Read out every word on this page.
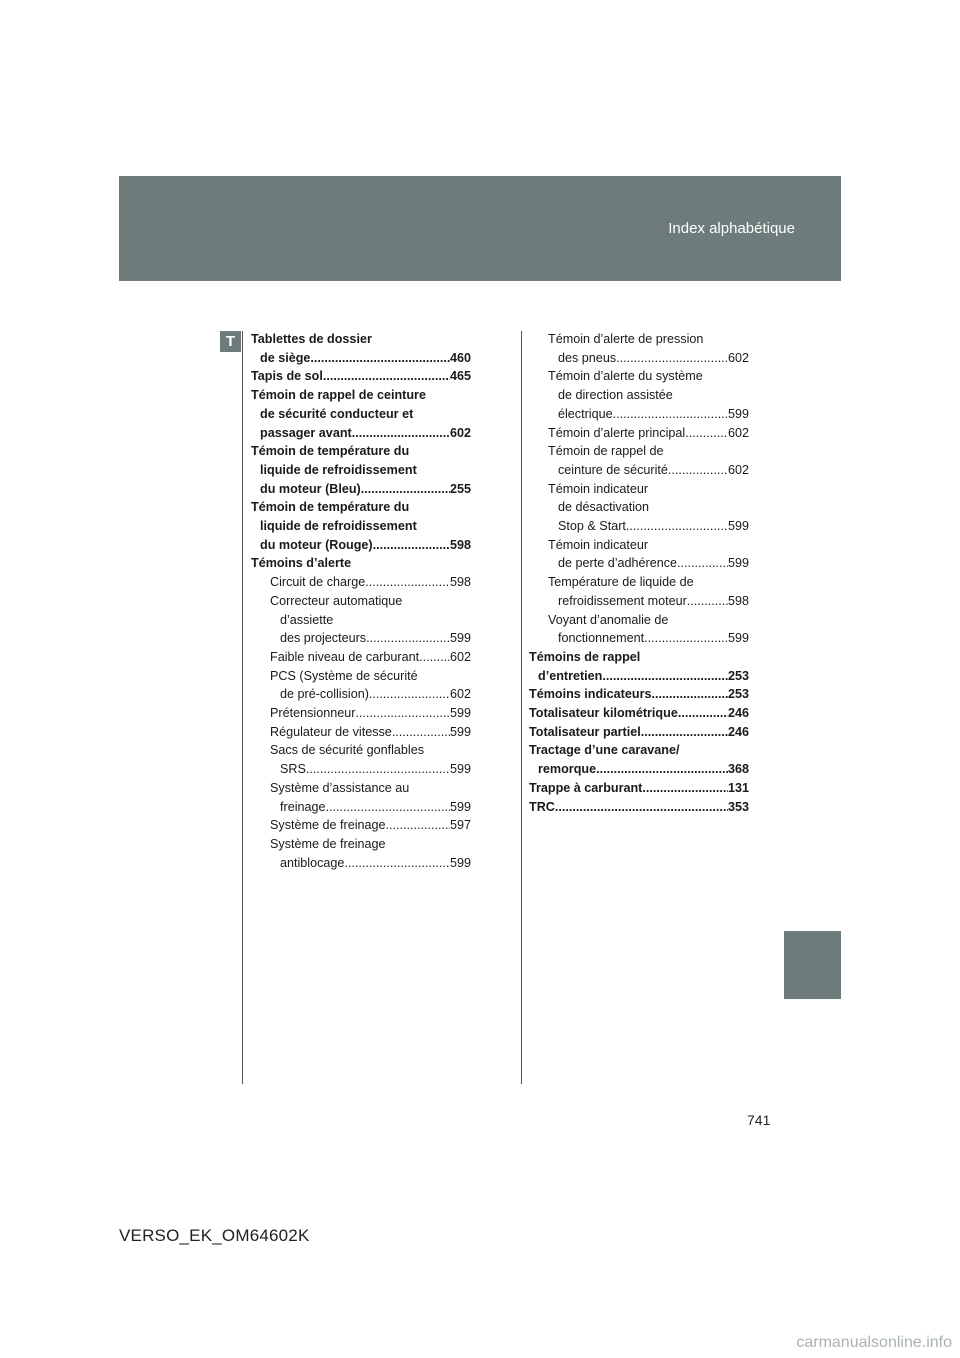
Index alphabétique
T	Tablettes de dossier
de siège .....	460
Tapis de sol .....	465
Témoin de rappel de ceinture
de sécurité conducteur et
passager avant .....	602
Témoin de température du
liquide de refroidissement
du moteur (Bleu) .....	255
Témoin de température du
liquide de refroidissement
du moteur (Rouge) .....	598
Témoins d’alerte
Circuit de charge .....	598
Correcteur automatique
d’assiette
des projecteurs .....	599
Faible niveau de carburant ..... 602
PCS (Système de sécurité
de pré-collision) .....	602
Prétensionneur .....	599
Régulateur de vitesse .....	599
Sacs de sécurité gonflables
SRS .....	599
Système d’assistance au
freinage .....	599
Système de freinage .....	597
Système de freinage
antiblocage .....	599
Témoin d’alerte de pression
des pneus .....	602
Témoin d’alerte du système
de direction assistée
électrique .....	599
Témoin d’alerte principal .....	602
Témoin de rappel de
ceinture de sécurité .....	602
Témoin indicateur
de désactivation
Stop & Start .....	599
Témoin indicateur
de perte d’adhérence .....	599
Température de liquide de
refroidissement moteur .....	598
Voyant d’anomalie de
fonctionnement .....	599
Témoins de rappel
d’entretien .....	253
Témoins indicateurs .....	253
Totalisateur kilométrique .....	246
Totalisateur partiel .....	246
Tractage d’une caravane/
remorque .....	368
Trappe à carburant .....	131
TRC .....	353
741
VERSO_EK_OM64602K
carmanualsonline.info
